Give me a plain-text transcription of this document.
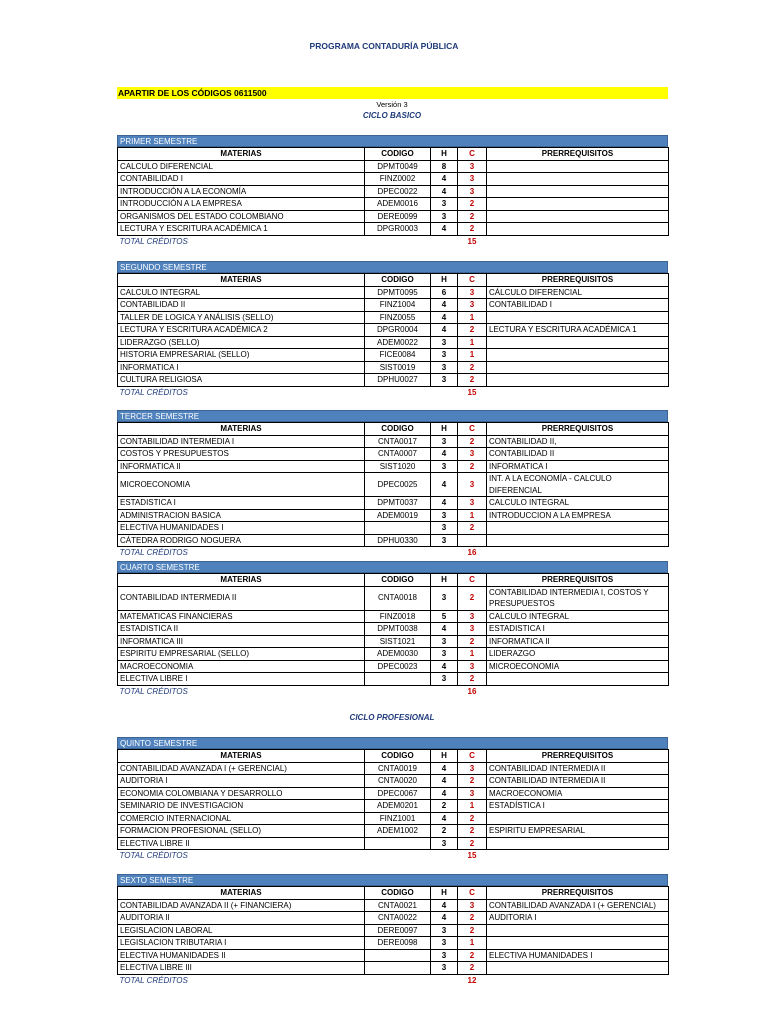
PROGRAMA CONTADURÍA PÚBLICA
APARTIR DE LOS CÓDIGOS 0611500
Versión 3
CICLO BASICO
CICLO PROFESIONAL
PRIMER SEMESTRE
MATERIAS	CODIGO	H	C	PRERREQUISITOS
CALCULO DIFERENCIAL	DPMT0049	8	3	
CONTABILIDAD I	FINZ0002	4	3	
INTRODUCCIÓN A LA ECONOMÍA	DPEC0022	4	3	
INTRODUCCIÓN A LA EMPRESA	ADEM0016	3	2	
ORGANISMOS DEL ESTADO COLOMBIANO	DERE0099	3	2	
LECTURA Y ESCRITURA ACADÉMICA 1	DPGR0003	4	2	
TOTAL CRÉDITOS			15	
SEGUNDO SEMESTRE
MATERIAS	CODIGO	H	C	PRERREQUISITOS
CALCULO INTEGRAL	DPMT0095	6	3	CÁLCULO DIFERENCIAL
CONTABILIDAD II	FINZ1004	4	3	CONTABILIDAD I
TALLER DE LOGICA Y ANÁLISIS (SELLO)	FINZ0055	4	1	
LECTURA Y ESCRITURA ACADÉMICA 2	DPGR0004	4	2	LECTURA Y ESCRITURA ACADÉMICA 1
LIDERAZGO (SELLO)	ADEM0022	3	1	
HISTORIA EMPRESARIAL (SELLO)	FICE0084	3	1	
INFORMATICA I	SIST0019	3	2	
CULTURA RELIGIOSA	DPHU0027	3	2	
TOTAL CRÉDITOS			15	
TERCER SEMESTRE
MATERIAS	CODIGO	H	C	PRERREQUISITOS
CONTABILIDAD INTERMEDIA I	CNTA0017	3	2	CONTABILIDAD II,
COSTOS Y PRESUPUESTOS	CNTA0007	4	3	CONTABILIDAD II
INFORMATICA II	SIST1020	3	2	INFORMATICA I
MICROECONOMIA	DPEC0025	4	3	INT. A LA ECONOMÍA - CALCULO DIFERENCIAL
ESTADISTICA I	DPMT0037	4	3	CALCULO INTEGRAL
ADMINISTRACION BASICA	ADEM0019	3	1	INTRODUCCION A LA EMPRESA
ELECTIVA HUMANIDADES I		3	2	
CÁTEDRA RODRIGO NOGUERA	DPHU0330	3		
TOTAL CRÉDITOS			16	
CUARTO SEMESTRE
MATERIAS	CODIGO	H	C	PRERREQUISITOS
CONTABILIDAD INTERMEDIA II	CNTA0018	3	2	CONTABILIDAD INTERMEDIA I, COSTOS Y PRESUPUESTOS
MATEMATICAS FINANCIERAS	FINZ0018	5	3	CALCULO INTEGRAL
ESTADISTICA II	DPMT0038	4	3	ESTADISTICA I
INFORMATICA III	SIST1021	3	2	INFORMATICA II
ESPIRITU EMPRESARIAL (SELLO)	ADEM0030	3	1	LIDERAZGO
MACROECONOMIA	DPEC0023	4	3	MICROECONOMIA
ELECTIVA LIBRE I		3	2	
TOTAL CRÉDITOS			16	
QUINTO SEMESTRE
MATERIAS	CODIGO	H	C	PRERREQUISITOS
CONTABILIDAD AVANZADA I (+ GERENCIAL)	CNTA0019	4	3	CONTABILIDAD INTERMEDIA II
AUDITORIA I	CNTA0020	4	2	CONTABILIDAD INTERMEDIA II
ECONOMIA COLOMBIANA Y DESARROLLO	DPEC0067	4	3	MACROECONOMIA
SEMINARIO DE INVESTIGACION	ADEM0201	2	1	ESTADÍSTICA I
COMERCIO INTERNACIONAL	FINZ1001	4	2	
FORMACION PROFESIONAL (SELLO)	ADEM1002	2	2	ESPIRITU EMPRESARIAL
ELECTIVA LIBRE II		3	2	
TOTAL CRÉDITOS			15	
SEXTO SEMESTRE
MATERIAS	CODIGO	H	C	PRERREQUISITOS
CONTABILIDAD AVANZADA II (+ FINANCIERA)	CNTA0021	4	3	CONTABILIDAD AVANZADA I (+ GERENCIAL)
AUDITORIA II	CNTA0022	4	2	AUDITORIA I
LEGISLACION LABORAL	DERE0097	3	2	
LEGISLACION TRIBUTARIA I	DERE0098	3	1	
ELECTIVA HUMANIDADES II		3	2	ELECTIVA HUMANIDADES I
ELECTIVA LIBRE III		3	2	
TOTAL CRÉDITOS			12	
